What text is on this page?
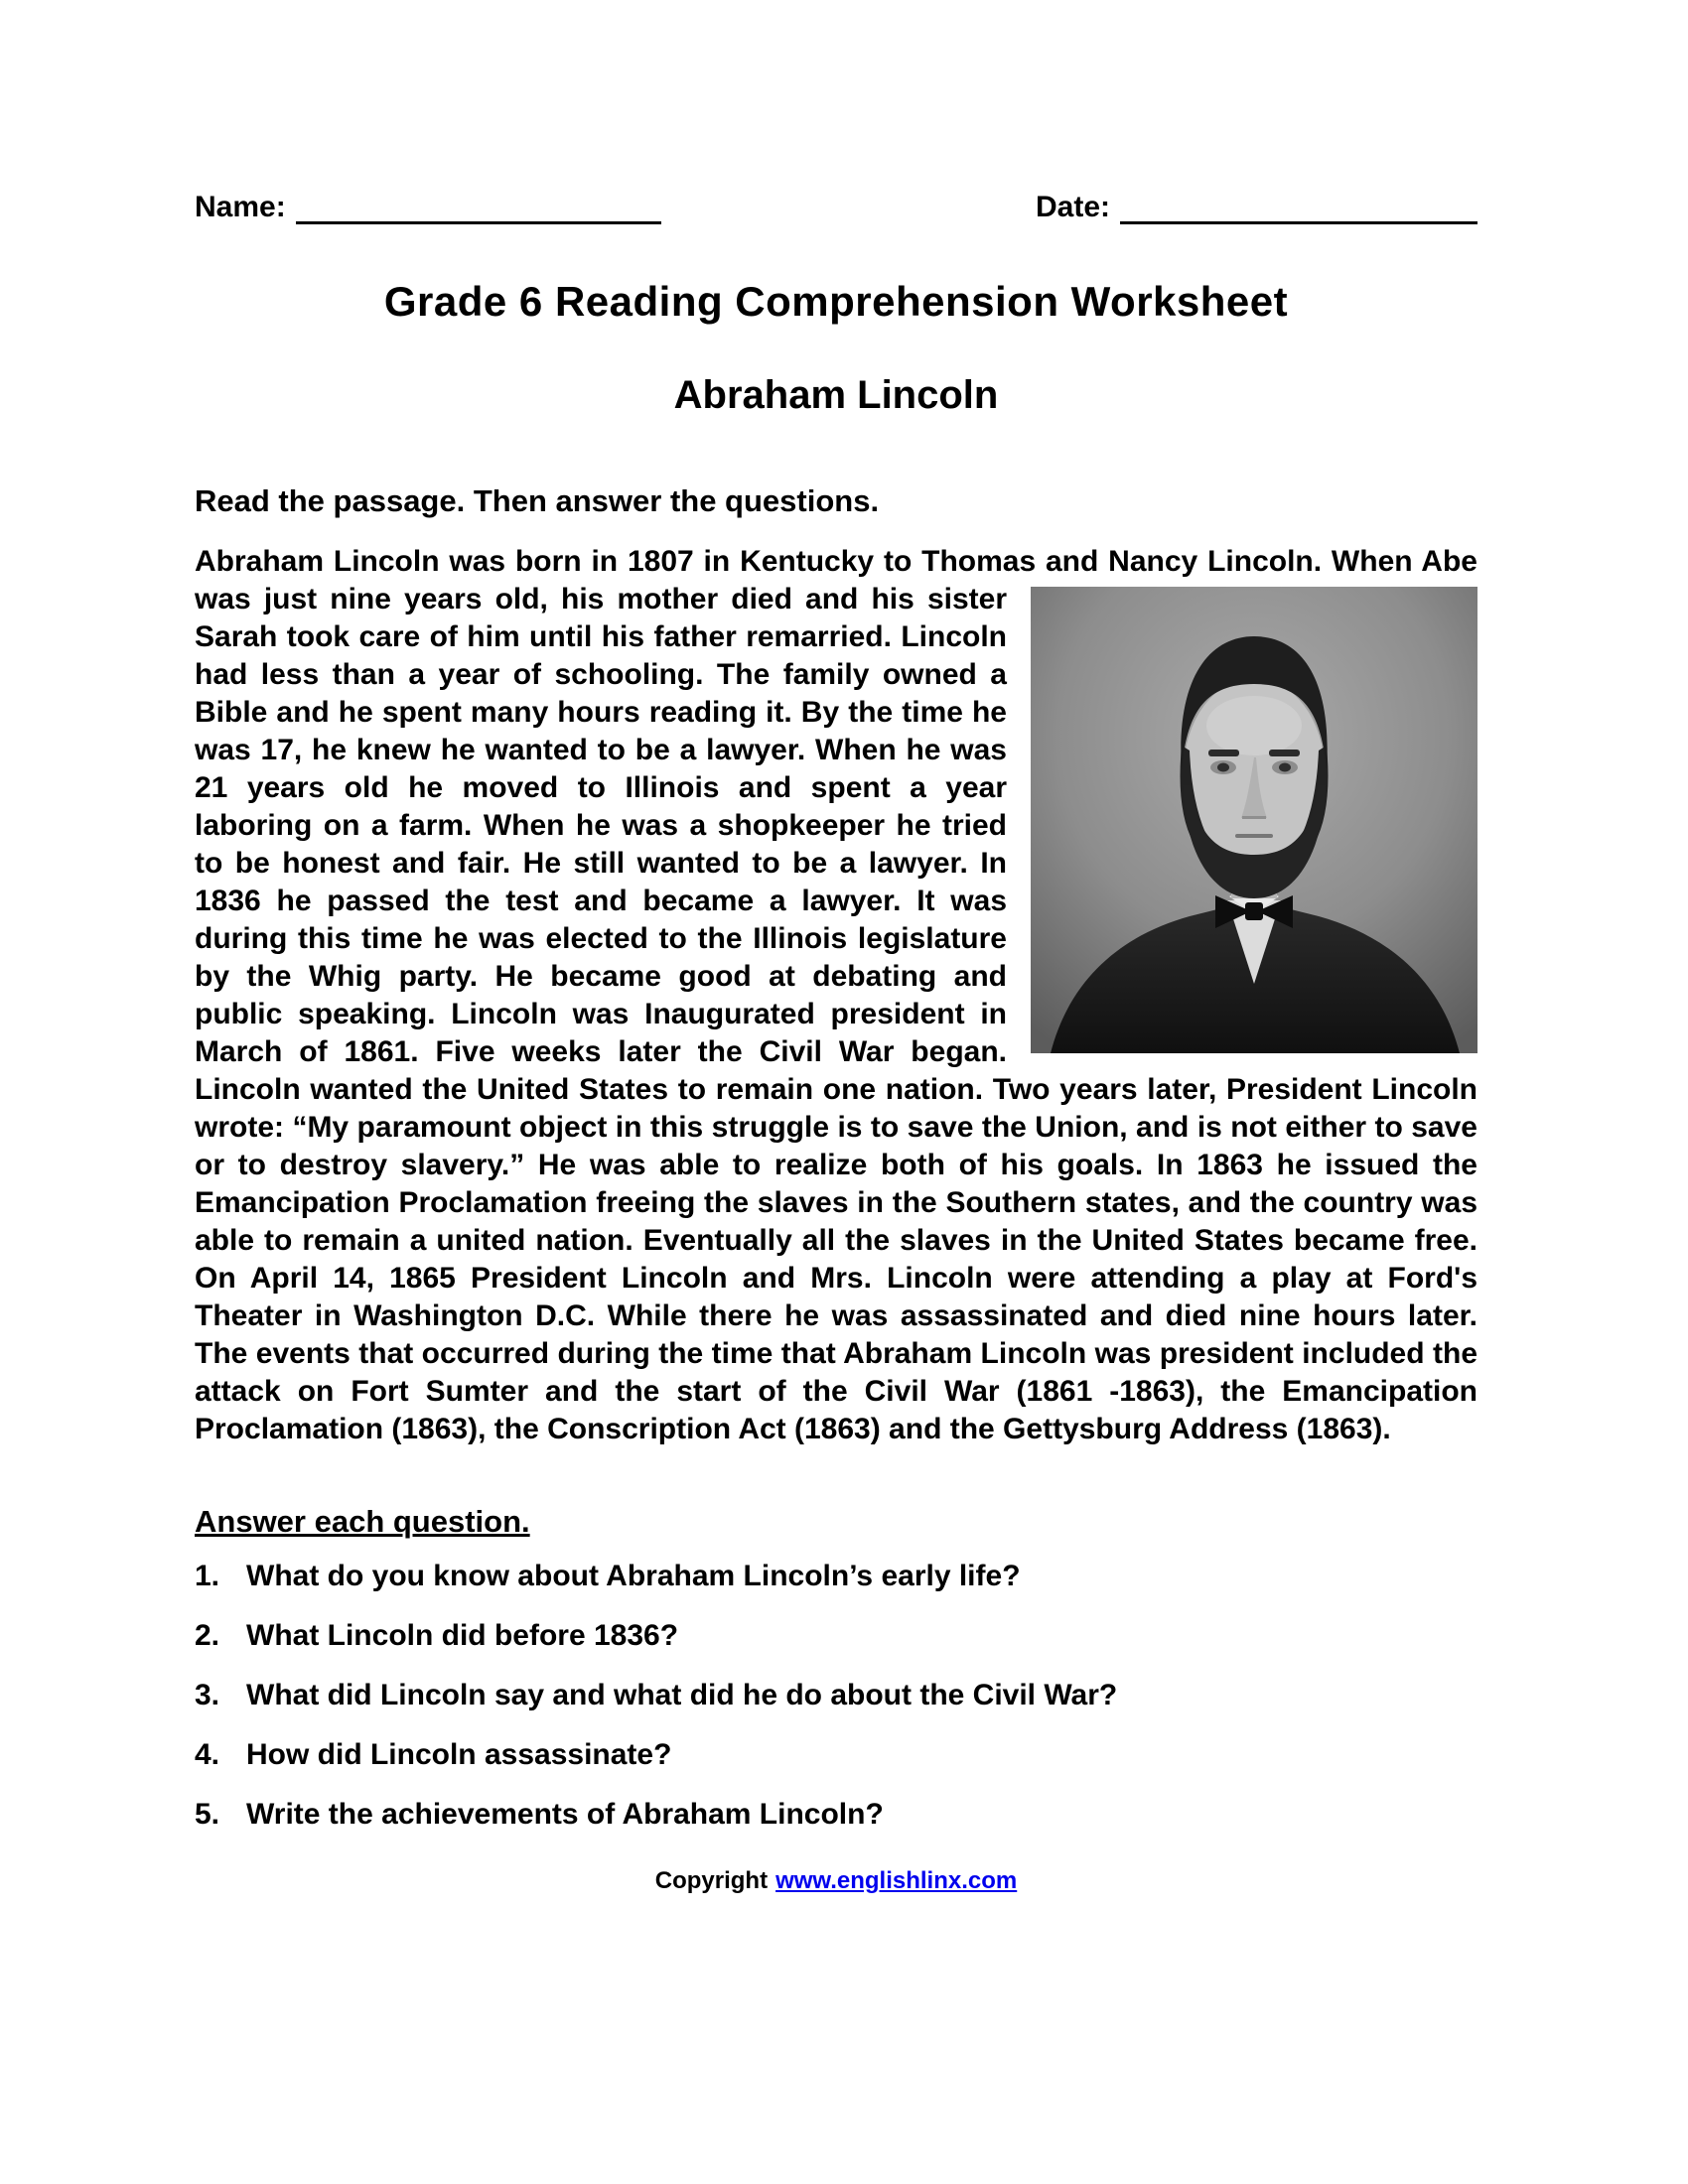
Name:	Date:
Grade 6 Reading Comprehension Worksheet
Abraham Lincoln
Read the passage. Then answer the questions.
Abraham Lincoln was born in 1807 in Kentucky to Thomas and Nancy Lincoln. When Abe was just nine years old, his mother died and his sister Sarah took care of him until his father remarried. Lincoln had less than a year of schooling. The family owned a Bible and he spent many hours reading it. By the time he was 17, he knew he wanted to be a lawyer. When he was 21 years old he moved to Illinois and spent a year laboring on a farm. When he was a shopkeeper he tried to be honest and fair. He still wanted to be a lawyer. In 1836 he passed the test and became a lawyer. It was during this time he was elected to the Illinois legislature by the Whig party. He became good at debating and public speaking. Lincoln was Inaugurated president in March of 1861. Five weeks later the Civil War began. Lincoln wanted the United States to remain one nation. Two years later, President Lincoln wrote: “My paramount object in this struggle is to save the Union, and is not either to save or to destroy slavery.” He was able to realize both of his goals. In 1863 he issued the Emancipation Proclamation freeing the slaves in the Southern states, and the country was able to remain a united nation. Eventually all the slaves in the United States became free. On April 14, 1865 President Lincoln and Mrs. Lincoln were attending a play at Ford's Theater in Washington D.C. While there he was assassinated and died nine hours later. The events that occurred during the time that Abraham Lincoln was president included the attack on Fort Sumter and the start of the Civil War (1861 -1863), the Emancipation Proclamation (1863), the Conscription Act (1863) and the Gettysburg Address (1863).
Answer each question.
1. What do you know about Abraham Lincoln’s early life?
2. What Lincoln did before 1836?
3. What did Lincoln say and what did he do about the Civil War?
4. How did Lincoln assassinate?
5. Write the achievements of Abraham Lincoln?
Copyright www.englishlinx.com
